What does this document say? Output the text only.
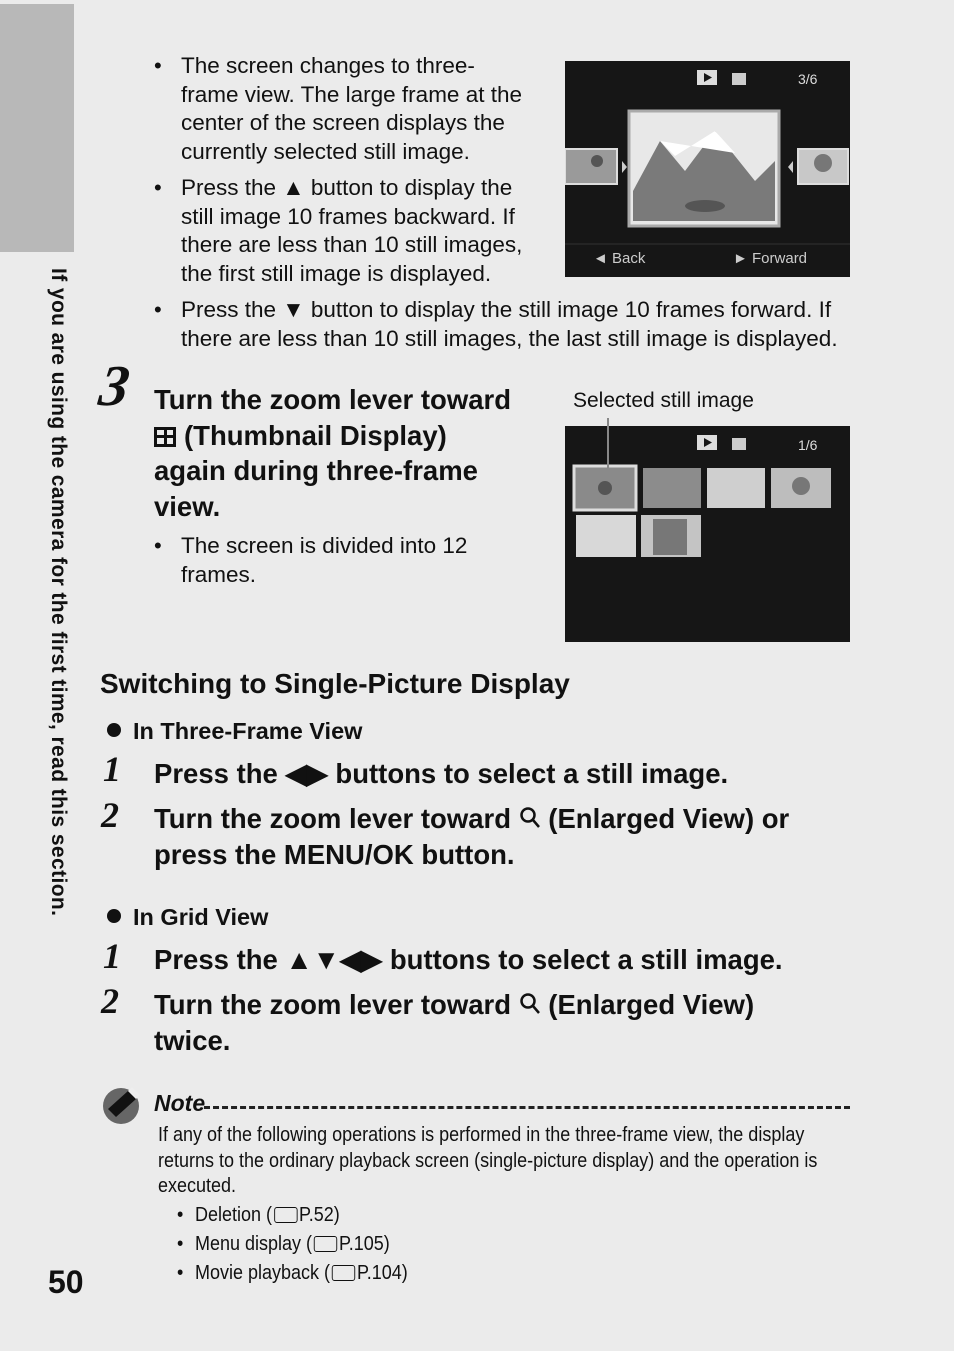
If you are using the camera for the first time, read this section.
• The screen changes to three-
frame view. The large frame at the
center of the screen displays the
currently selected still image.
• Press the ▲ button to display the
still image 10 frames backward. If
there are less than 10 still images,
the first still image is displayed.
• Press the ▼ button to display the still image 10 frames forward. If
there are less than 10 still images, the last still image is displayed.
3/6
◄ Back	► Forward
3 Turn the zoom lever toward
(Thumbnail Display)
again during three-frame
view.
• The screen is divided into 12
frames.
Selected still image
1/6
Switching to Single-Picture Display
In Three-Frame View
1 Press the ◀▶ buttons to select a still image.
2 Turn the zoom lever toward  (Enlarged View) or
press the MENU/OK button.
In Grid View
1 Press the ▲▼◀▶ buttons to select a still image.
2 Turn the zoom lever toward  (Enlarged View)
twice.
Note
If any of the following operations is performed in the three-frame view, the display
returns to the ordinary playback screen (single-picture display) and the operation is
executed.
• Deletion ( P.52)
• Menu display ( P.105)
• Movie playback ( P.104)
50
